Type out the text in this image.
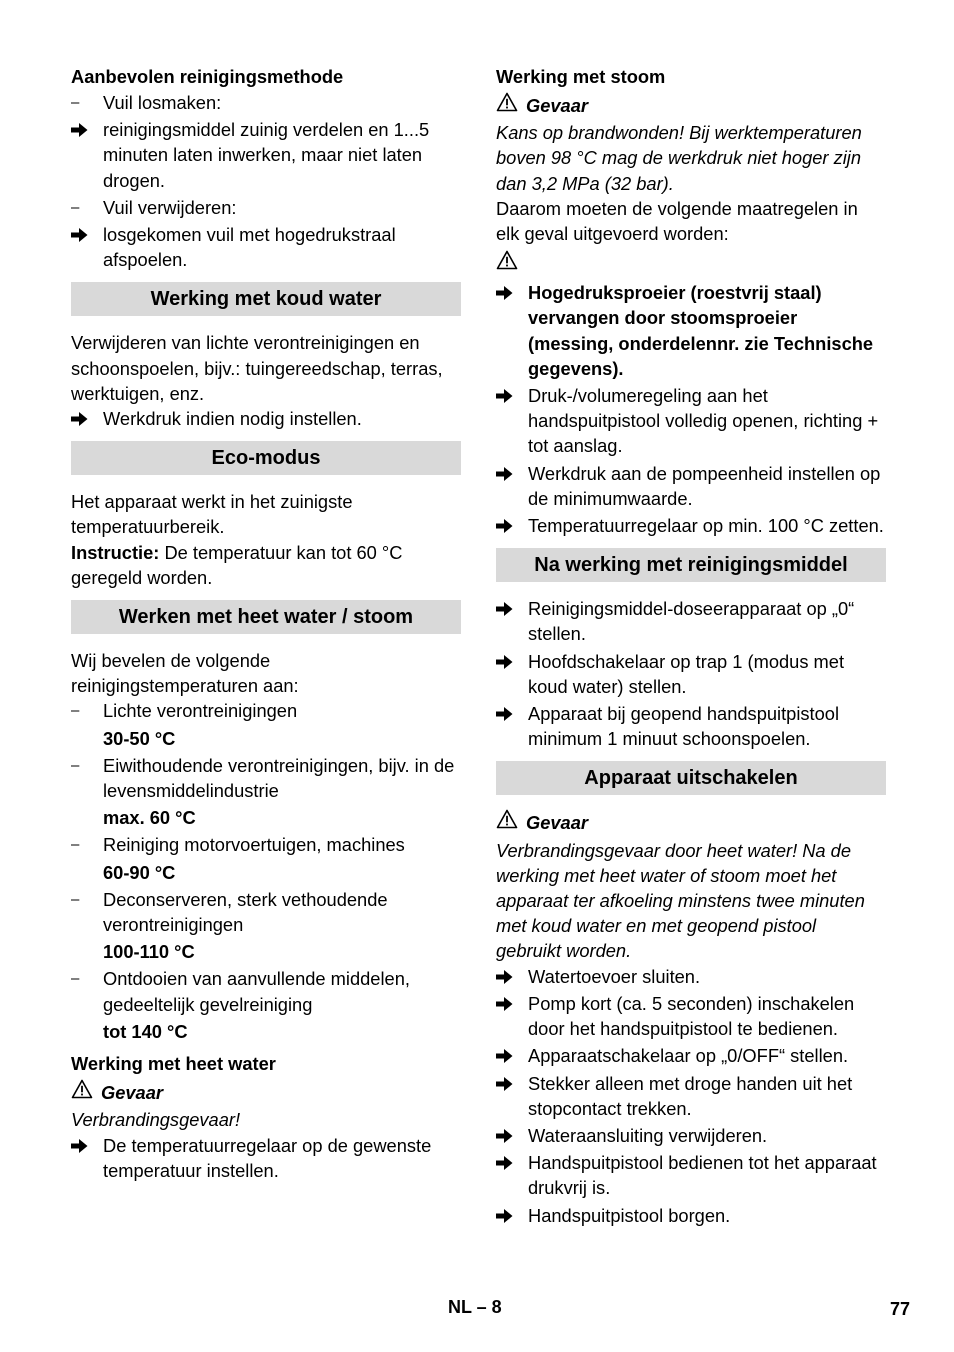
Aanbevolen reinigingsmethode

–	Vuil losmaken:
reinigingsmiddel zuinig verdelen en 1...5 minuten laten inwerken, maar niet laten drogen.
–	Vuil verwijderen:
losgekomen vuil met hogedrukstraal afspoelen.
Werking met koud water

Verwijderen van lichte verontreinigingen en schoonspoelen, bijv.: tuingereedschap, terras, werktuigen, enz.

Werkdruk indien nodig instellen.
Eco-modus

Het apparaat werkt in het zuinigste temperatuurbereik.

Instructie: De temperatuur kan tot 60 °C geregeld worden.

Werken met heet water / stoom

Wij bevelen de volgende reinigingstemperaturen aan:

–	Lichte verontreinigingen
30-50 °C
–	Eiwithoudende verontreinigingen, bijv. in de levensmiddelindustrie
max. 60 °C
–	Reiniging motorvoertuigen, machines
60-90 °C
–	Deconserveren, sterk vethoudende verontreinigingen
100-110 °C
–	Ontdooien van aanvullende middelen, gedeeltelijk gevelreiniging
tot 140 °C

Werking met heet water

Gevaar

Verbrandingsgevaar!

De temperatuurregelaar op de gewenste temperatuur instellen.

Werking met stoom

Gevaar

Kans op brandwonden! Bij werktemperaturen boven 98 °C mag de werkdruk niet hoger zijn dan 3,2 MPa (32 bar).

Daarom moeten de volgende maatregelen in elk geval uitgevoerd worden:

Hogedruksproeier (roestvrij staal) vervangen door stoomsproeier (messing, onderdelennr. zie Technische gegevens).
Druk-/volumeregeling aan het handspuitpistool volledig openen, richting + tot aanslag.
Werkdruk aan de pompeenheid instellen op de minimumwaarde.
Temperatuurregelaar op min. 100 °C zetten.
Na werking met reinigingsmiddel
Reinigingsmiddel-doseerapparaat op „0“ stellen.
Hoofdschakelaar op trap 1 (modus met koud water) stellen.
Apparaat bij geopend handspuitpistool minimum 1 minuut schoonspoelen.
Apparaat uitschakelen
Gevaar

Verbrandingsgevaar door heet water! Na de werking met heet water of stoom moet het apparaat ter afkoeling minstens twee minuten met koud water en met geopend pistool gebruikt worden.

Watertoevoer sluiten.
Pomp kort (ca. 5 seconden) inschakelen door het handspuitpistool te bedienen.
Apparaatschakelaar op „0/OFF“ stellen.
Stekker alleen met droge handen uit het stopcontact trekken.
Wateraansluiting verwijderen.
Handspuitpistool bedienen tot het apparaat drukvrij is.
Handspuitpistool borgen.
NL – 8	77
